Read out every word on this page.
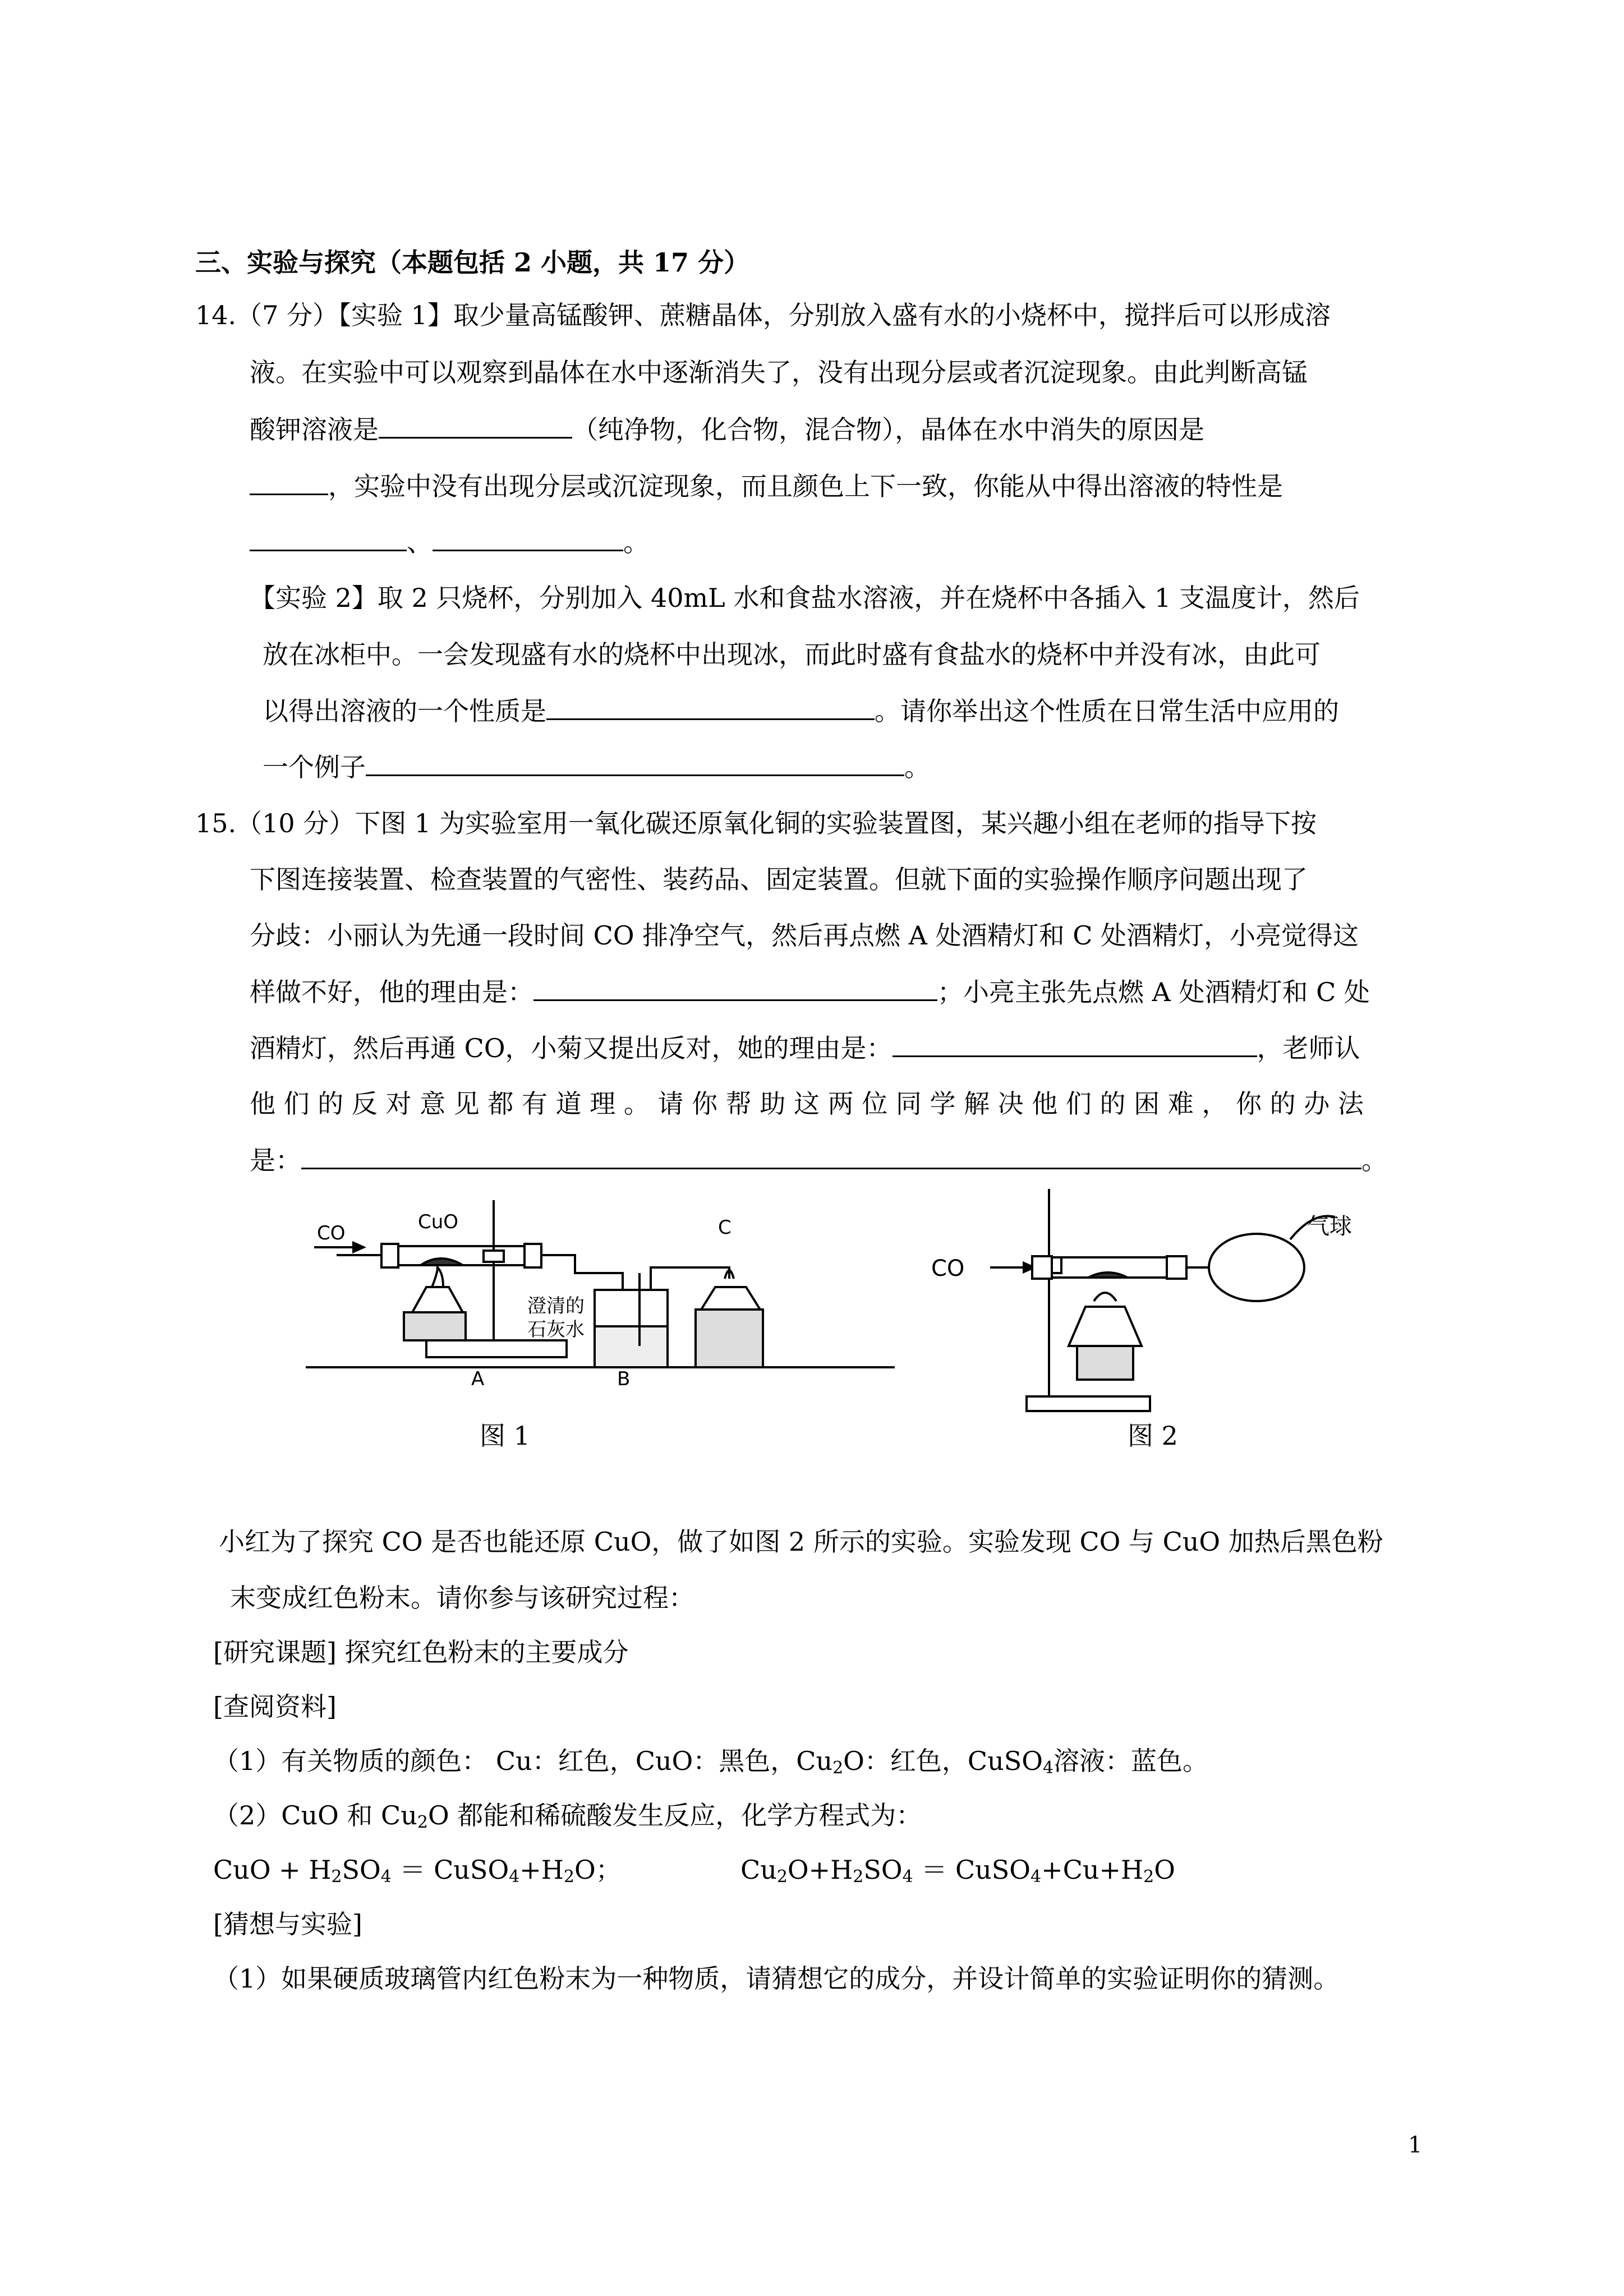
三、实验与探究（本题包括 2 小题，共 17 分）
14.（7 分）【实验 1】取少量高锰酸钾、蔗糖晶体，分别放入盛有水的小烧杯中，搅拌后可以形成溶
液。在实验中可以观察到晶体在水中逐渐消失了，没有出现分层或者沉淀现象。由此判断高锰
酸钾溶液是	（纯净物，化合物，混合物），晶体在水中消失的原因是
，实验中没有出现分层或沉淀现象，而且颜色上下一致，你能从中得出溶液的特性是
、	。
【实验 2】取 2 只烧杯，分别加入 40mL 水和食盐水溶液，并在烧杯中各插入 1 支温度计，然后
放在冰柜中。一会发现盛有水的烧杯中出现冰，而此时盛有食盐水的烧杯中并没有冰，由此可
以得出溶液的一个性质是	。请你举出这个性质在日常生活中应用的
一个例子	。
15.（10 分）下图 1 为实验室用一氧化碳还原氧化铜的实验装置图，某兴趣小组在老师的指导下按
下图连接装置、检查装置的气密性、装药品、固定装置。但就下面的实验操作顺序问题出现了
分歧：小丽认为先通一段时间 CO 排净空气，然后再点燃 A 处酒精灯和 C 处酒精灯，小亮觉得这
样做不好，他的理由是：	；小亮主张先点燃 A 处酒精灯和 C 处
酒精灯，然后再通 CO，小菊又提出反对，她的理由是：	，老师认
他 们 的 反 对 意 见 都 有 道 理 。 请 你 帮 助 这 两 位 同 学 解 决 他 们 的 困 难 ， 你 的 办 法
是：	。
CO	CuO	C
澄清的
石灰水
A	B
CO
气球
图 1	图 2
小红为了探究 CO 是否也能还原 CuO，做了如图 2 所示的实验。实验发现 CO 与 CuO 加热后黑色粉
末变成红色粉末。请你参与该研究过程：
[研究课题] 探究红色粉末的主要成分
[查阅资料]
（1）有关物质的颜色： Cu：红色，CuO：黑色，$Cu_2O$：红色，CuSO$_4$溶液：蓝色。
（2）CuO 和 $Cu_2O$ 都能和稀硫酸发生反应，化学方程式为：
CuO + $H_2SO_4$ ＝ $CuSO_4+H_2O$；	$Cu_2O+H_2SO_4$ ＝ $CuSO_4+Cu+H_2O$
[猜想与实验]
（1）如果硬质玻璃管内红色粉末为一种物质，请猜想它的成分，并设计简单的实验证明你的猜测。
1
